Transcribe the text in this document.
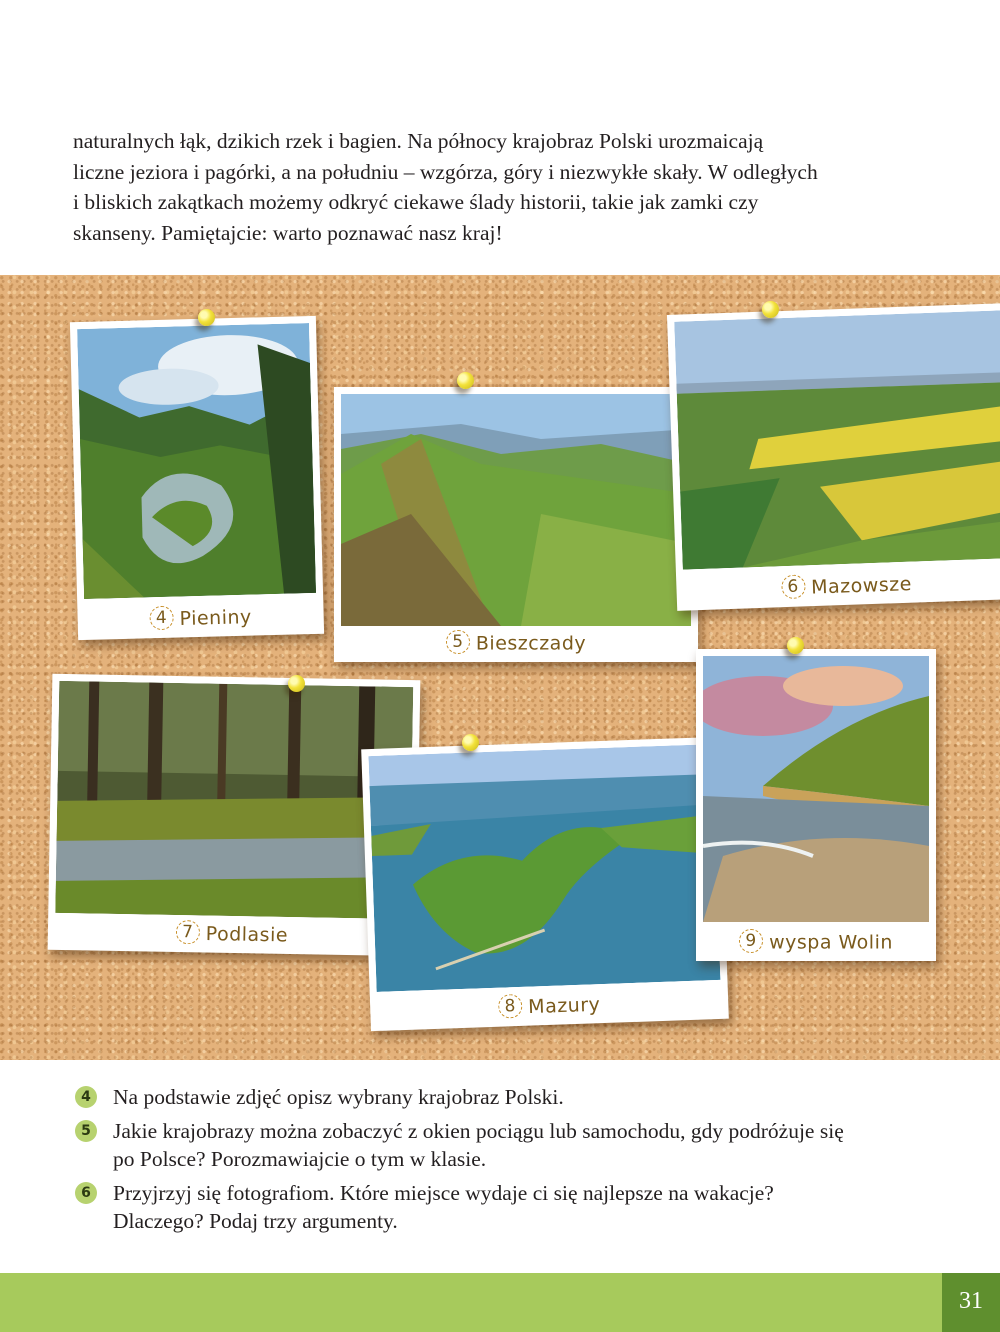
naturalnych łąk, dzikich rzek i bagien. Na północy krajobraz Polski urozmaicają
liczne jeziora i pagórki, a na południu – wzgórza, góry i niezwykłe skały. W odległych
i bliskich zakątkach możemy odkryć ciekawe ślady historii, takie jak zamki czy
skanseny. Pamiętajcie: warto poznawać nasz kraj!
4 Pieniny
5 Bieszczady
6 Mazowsze
7 Podlasie
8 Mazury
9 wyspa Wolin
4 Na podstawie zdjęć opisz wybrany krajobraz Polski.
5 Jakie krajobrazy można zobaczyć z okien pociągu lub samochodu, gdy podróżuje się
po Polsce? Porozmawiajcie o tym w klasie.
6 Przyjrzyj się fotografiom. Które miejsce wydaje ci się najlepsze na wakacje?
Dlaczego? Podaj trzy argumenty.
31
